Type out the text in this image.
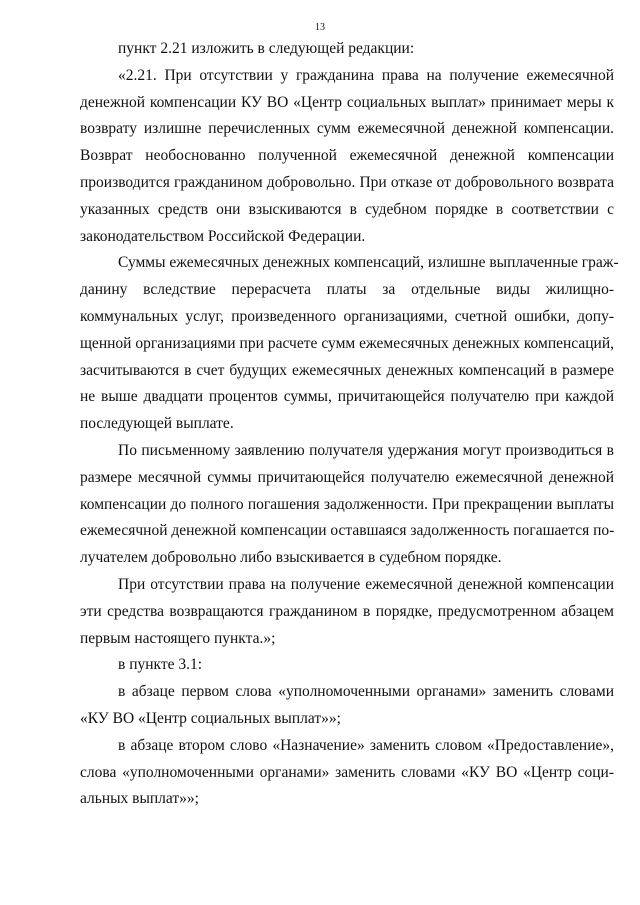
13
пункт 2.21 изложить в следующей редакции:
«2.21. При отсутствии у гражданина права на получение ежемесячной
денежной компенсации КУ ВО «Центр социальных выплат» принимает меры к
возврату излишне перечисленных сумм ежемесячной денежной компенсации.
Возврат необоснованно полученной ежемесячной денежной компенсации
производится гражданином добровольно. При отказе от добровольного возврата
указанных средств они взыскиваются в судебном порядке в соответствии с
законодательством Российской Федерации.
Суммы ежемесячных денежных компенсаций, излишне выплаченные граж-
данину вследствие перерасчета платы за отдельные виды жилищно-
коммунальных услуг, произведенного организациями, счетной ошибки, допу-
щенной организациями при расчете сумм ежемесячных денежных компенсаций,
засчитываются в счет будущих ежемесячных денежных компенсаций в размере
не выше двадцати процентов суммы, причитающейся получателю при каждой
последующей выплате.
По письменному заявлению получателя удержания могут производиться в
размере месячной суммы причитающейся получателю ежемесячной денежной
компенсации до полного погашения задолженности. При прекращении выплаты
ежемесячной денежной компенсации оставшаяся задолженность погашается по-
лучателем добровольно либо взыскивается в судебном порядке.
При отсутствии права на получение ежемесячной денежной компенсации
эти средства возвращаются гражданином в порядке, предусмотренном абзацем
первым настоящего пункта.»;
в пункте 3.1:
в абзаце первом слова «уполномоченными органами» заменить словами
«КУ ВО «Центр социальных выплат»»;
в абзаце втором слово «Назначение» заменить словом «Предоставление»,
слова «уполномоченными органами» заменить словами «КУ ВО «Центр соци-
альных выплат»»;
